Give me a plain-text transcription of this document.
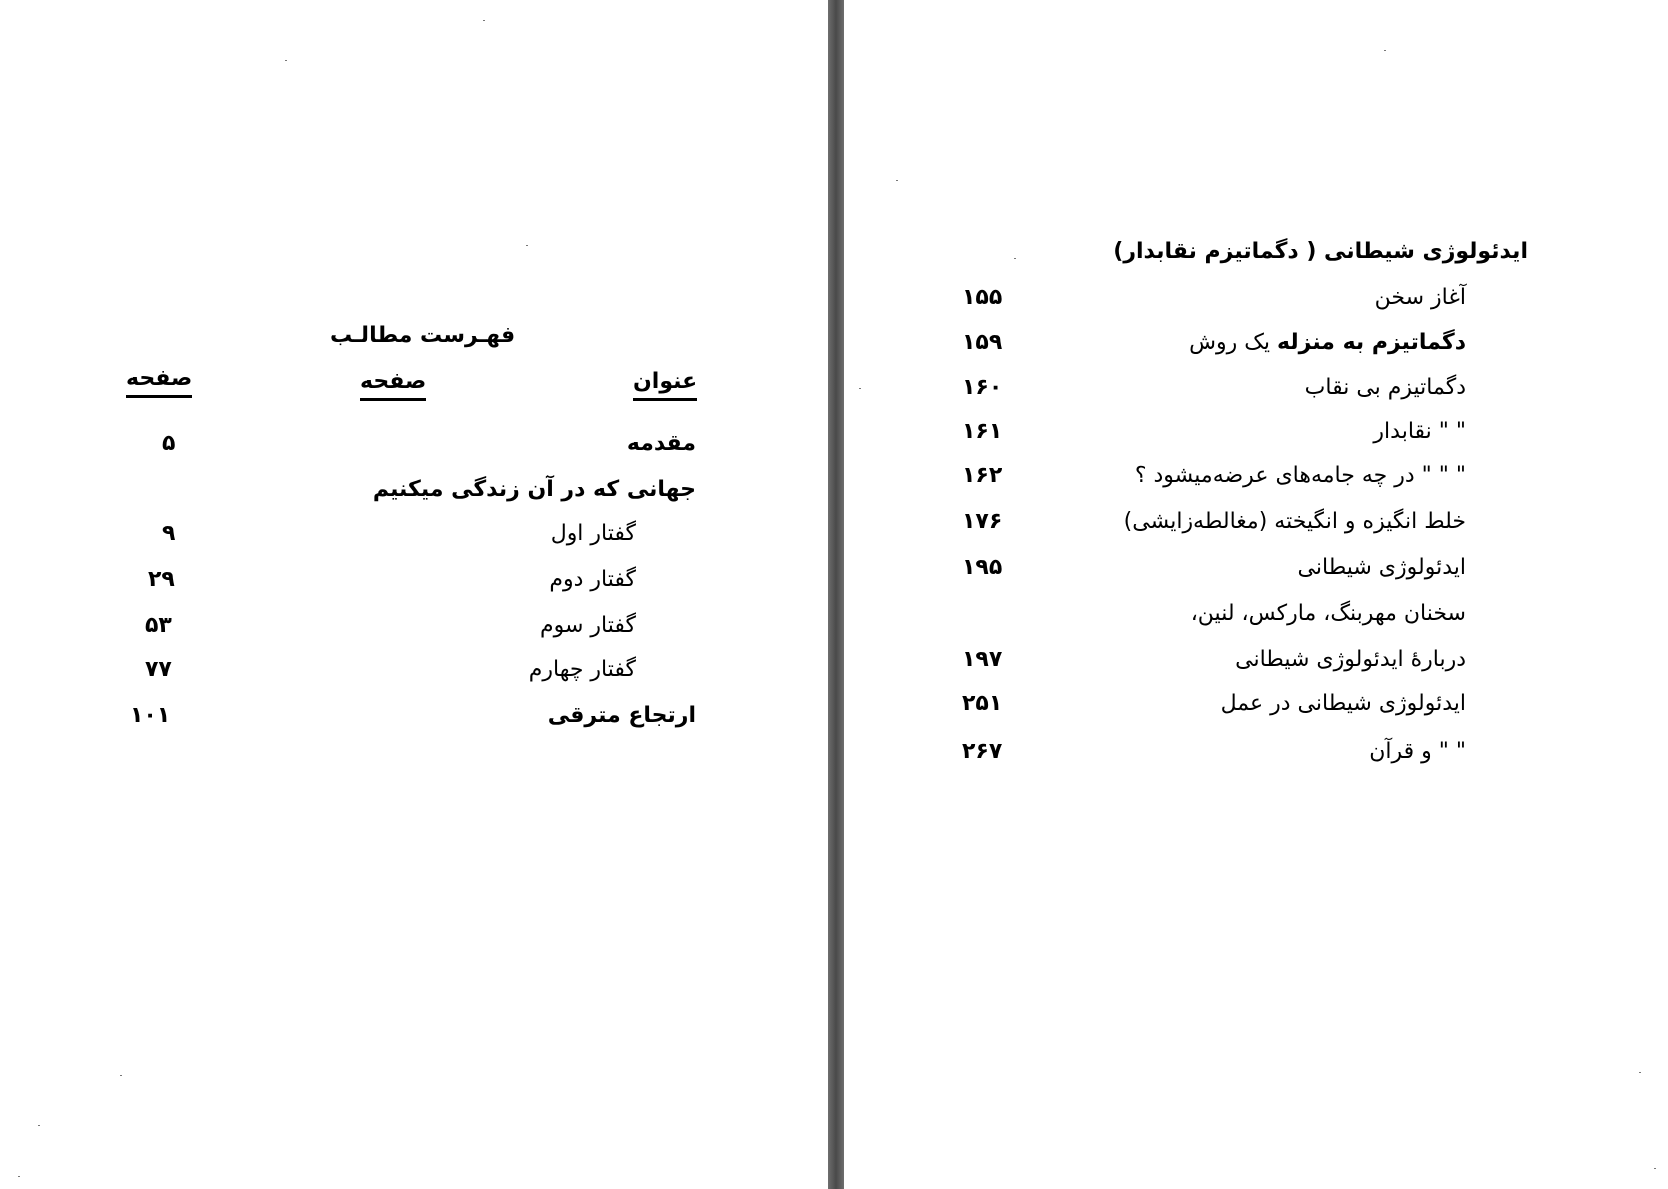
فهـرست مطالـب
عنوان
صفحه
صفحه
مقدمه
۵
جهانی که در آن زندگی میکنیم
گفتار اول
۹
گفتار دوم
۲۹
گفتار سوم
۵۳
گفتار چهارم
۷۷
ارتجاع مترقی
۱۰۱
ایدئولوژی شیطانی ( دگماتیزم نقابدار)
آغاز سخن
۱۵۵
دگماتیزم به منزله یک روش
۱۵۹
دگماتیزم بی نقاب
۱۶۰
" " نقابدار
۱۶۱
" " " در چه جامه‌های عرضه‌میشود ؟
۱۶۲
خلط انگیزه و انگیخته (مغالطه‌زایشی)
۱۷۶
ایدئولوژی شیطانی
۱۹۵
سخنان مهربنگ، مارکس، لنین،
دربارهٔ ایدئولوژی شیطانی
۱۹۷
ایدئولوژی شیطانی در عمل
۲۵۱
" " و قرآن
۲۶۷
